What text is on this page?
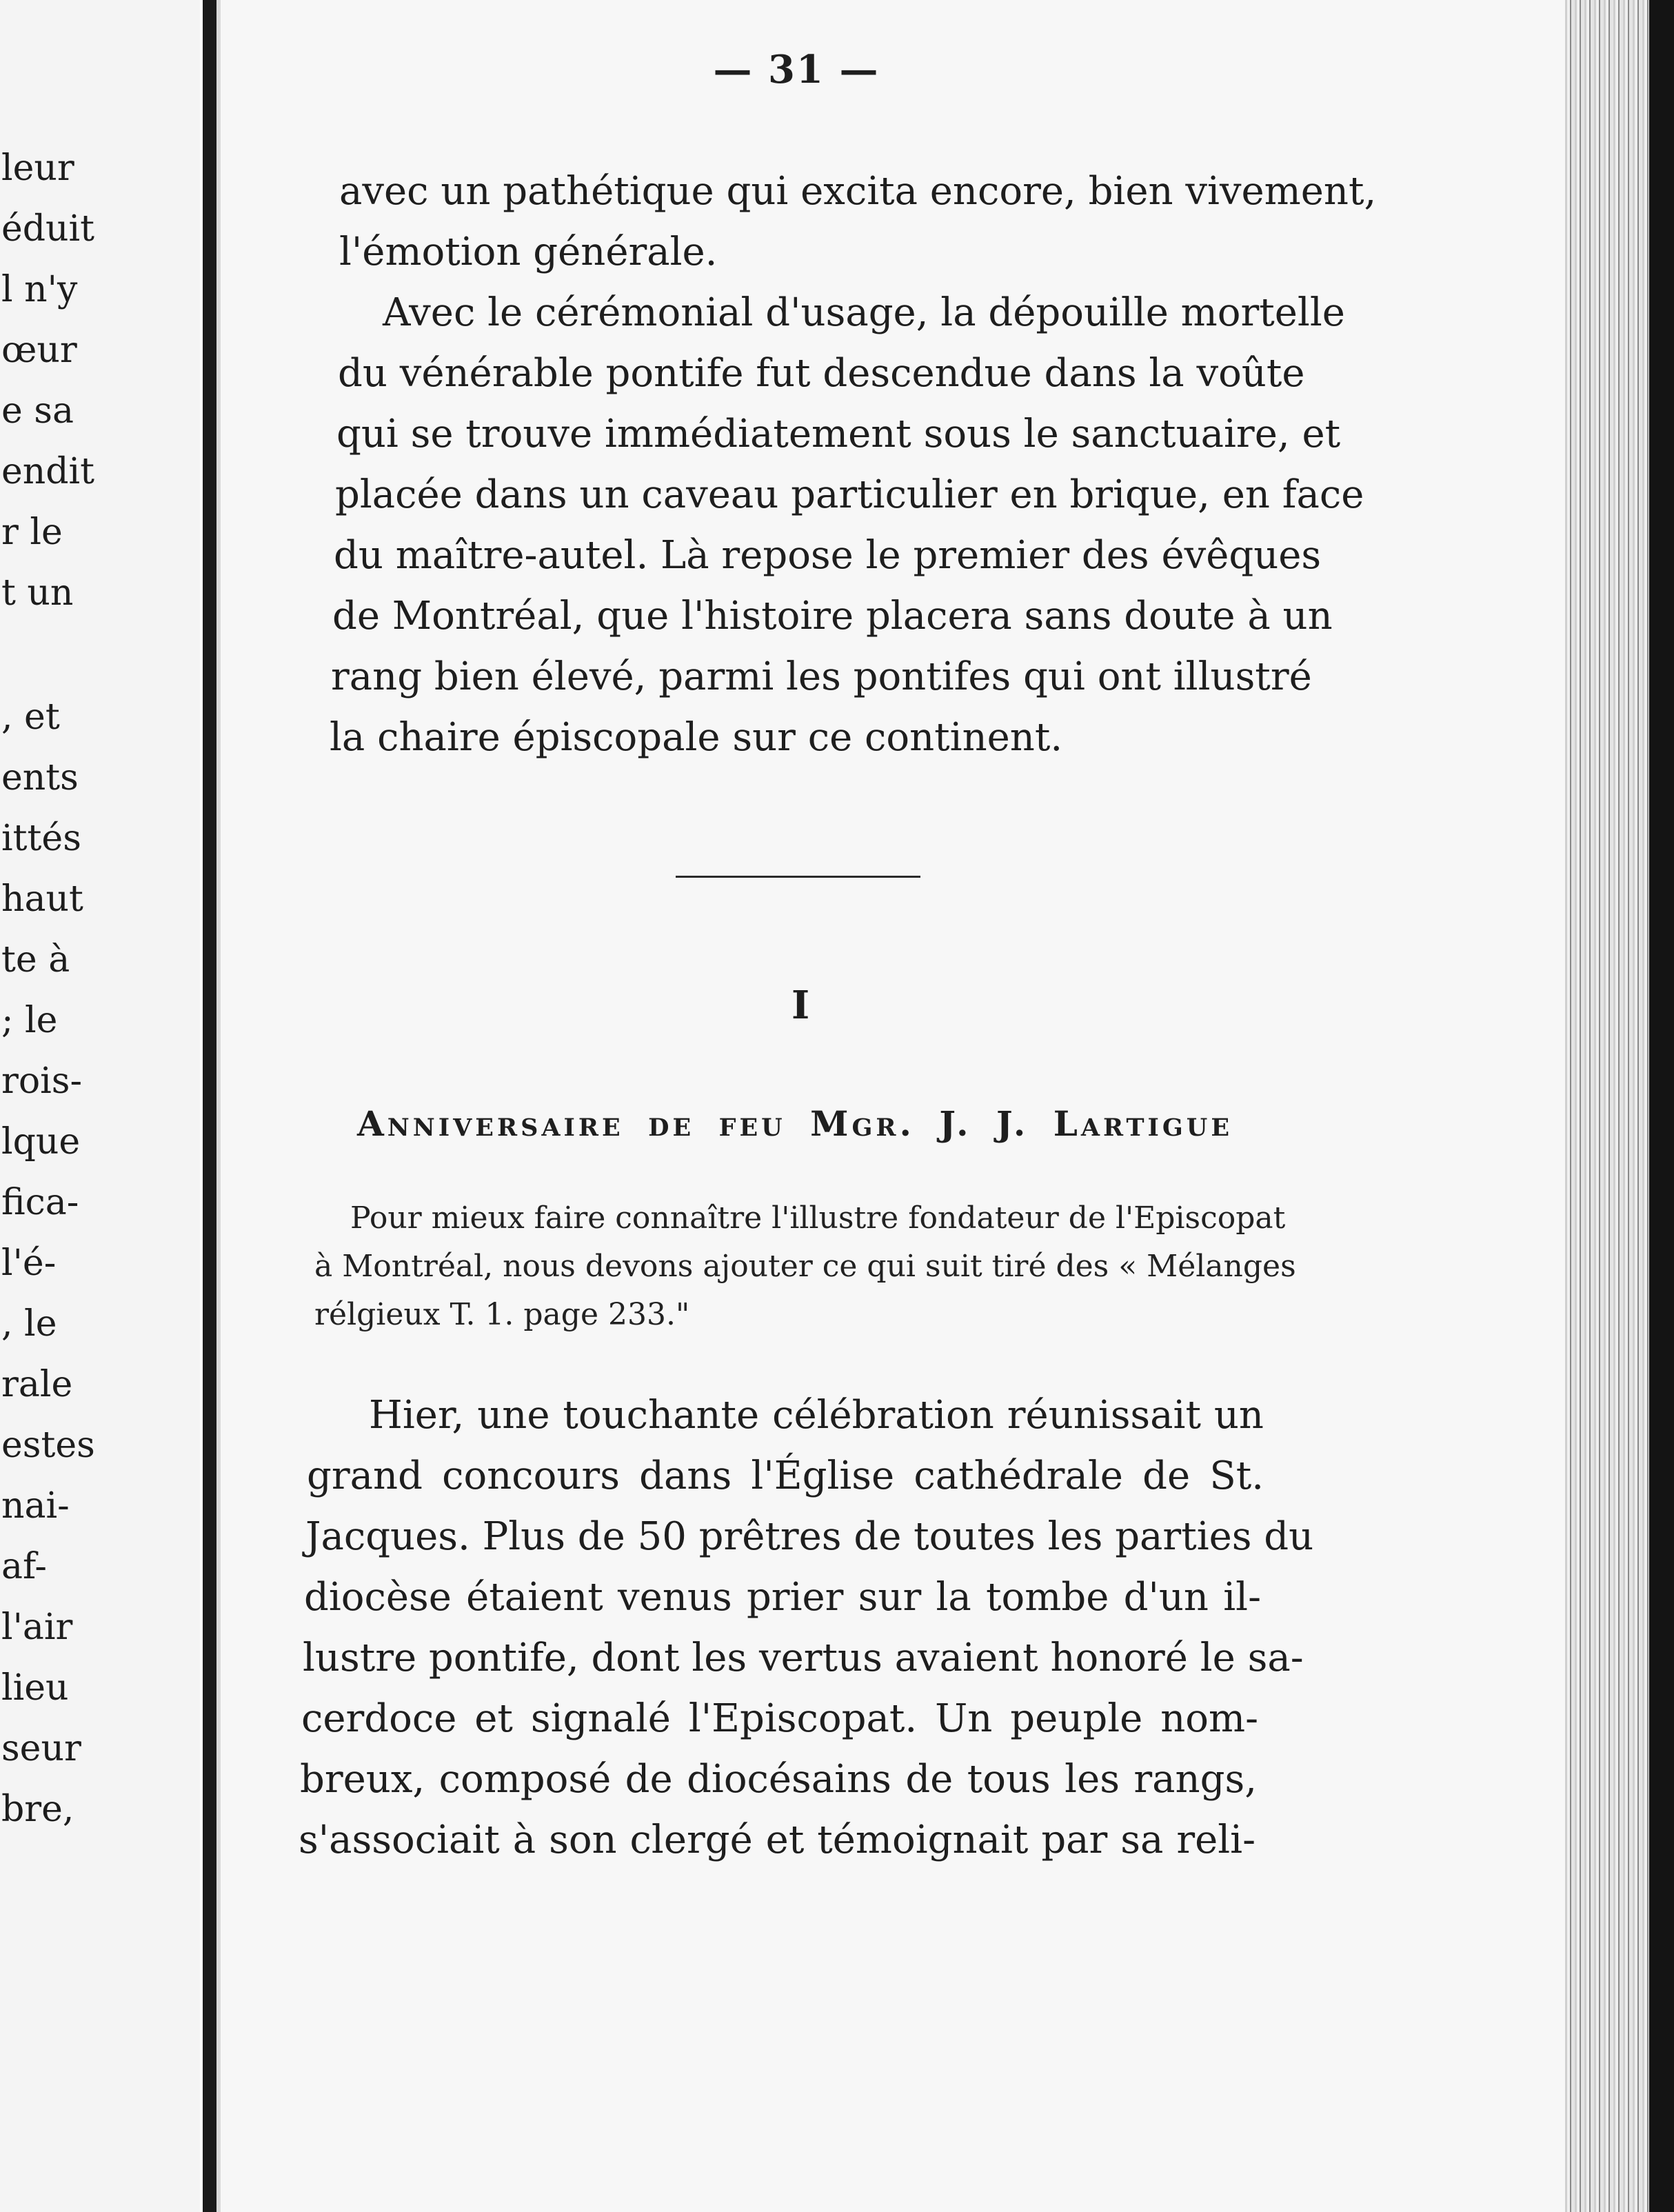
leur
éduit
l n'y
œur
e sa
endit
r le
t un
, et
ents
ittés
haut
te à
; le
rois-
lque
fica-
l'é-
, le
rale
estes
nai-
af-
l'air
lieu
seur
bre,
— 31 —
avec un pathétique qui excita encore, bien vivement,
l'émotion générale.
Avec le cérémonial d'usage, la dépouille mortelle
du vénérable pontife fut descendue dans la voûte
qui se trouve immédiatement sous le sanctuaire, et
placée dans un caveau particulier en brique, en face
du maître-autel. Là repose le premier des évêques
de Montréal, que l'histoire placera sans doute à un
rang bien élevé, parmi les pontifes qui ont illustré
la chaire épiscopale sur ce continent.
I
Anniversaire de feu Mgr. J. J. Lartigue
Pour mieux faire connaître l'illustre fondateur de l'Episcopat
à Montréal, nous devons ajouter ce qui suit tiré des « Mélanges
rélgieux T. 1. page 233."
Hier, une touchante célébration réunissait un
grand concours dans l'Église cathédrale de St.
Jacques. Plus de 50 prêtres de toutes les parties du
diocèse étaient venus prier sur la tombe d'un il-
lustre pontife, dont les vertus avaient honoré le sa-
cerdoce et signalé l'Episcopat. Un peuple nom-
breux, composé de diocésains de tous les rangs,
s'associait à son clergé et témoignait par sa reli-
